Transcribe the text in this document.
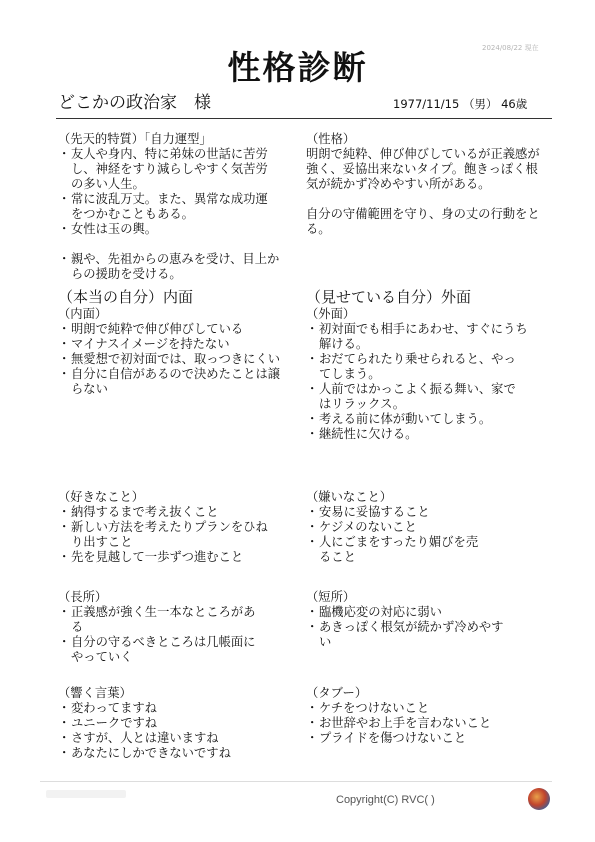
2024/08/22 現在
性格診断
どこかの政治家　様	1977/11/15 （男） 46歳
（先天的特質）「自力運型」
・ 友人や身内、特に弟妹の世話に苦労し、神経をすり減らしやすく気苦労の多い人生。
・ 常に波乱万丈。また、異常な成功運をつかむこともある。
・ 女性は玉の輿。
・ 親や、先祖からの恵みを受け、目上からの援助を受ける。
（性格）

明朗で純粋、伸び伸びしているが正義感が強く、妥協出来ないタイプ。飽きっぽく根気が続かず冷めやすい所がある。

自分の守備範囲を守り、身の丈の行動をとる。

（本当の自分）内面
（内面）
・ 明朗で純粋で伸び伸びしている
・ マイナスイメージを持たない
・ 無愛想で初対面では、取っつきにくい
・ 自分に自信があるので決めたことは譲らない
（見せている自分）外面
（外面）
・ 初対面でも相手にあわせ、すぐにうち解ける。
・ おだてられたり乗せられると、やってしまう。
・ 人前ではかっこよく振る舞い、家ではリラックス。
・ 考える前に体が動いてしまう。
・ 継続性に欠ける。
（好きなこと）
・ 納得するまで考え抜くこと
・ 新しい方法を考えたりプランをひねり出すこと
・ 先を見越して一歩ずつ進むこと
（嫌いなこと）
・ 安易に妥協すること
・ ケジメのないこと
・ 人にごまをすったり媚びを売ること
（長所）
・ 正義感が強く生一本なところがある
・ 自分の守るべきところは几帳面にやっていく
（短所）
・ 臨機応変の対応に弱い
・ あきっぽく根気が続かず冷めやすい
（響く言葉）
・ 変わってますね
・ ユニークですね
・ さすが、人とは違いますね
・ あなたにしかできないですね
（タブー）
・ ケチをつけないこと
・ お世辞やお上手を言わないこと
・ プライドを傷つけないこと
Copyright(C) RVC( )
